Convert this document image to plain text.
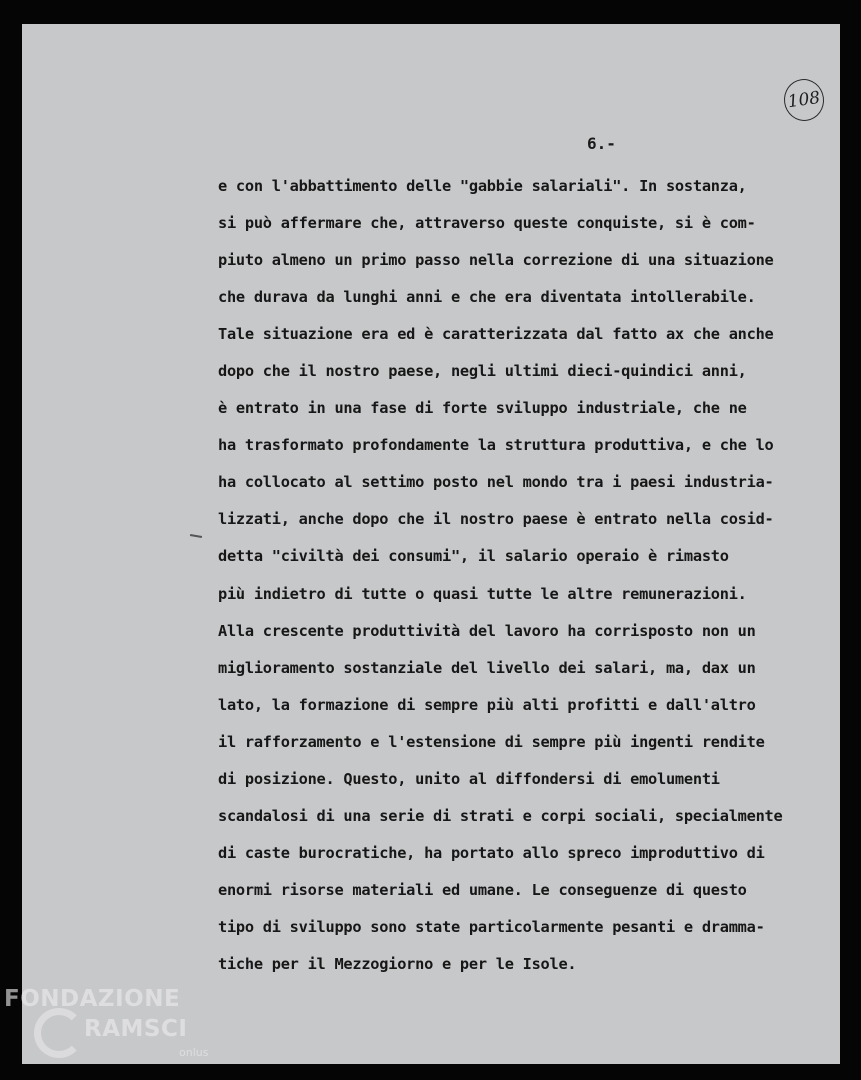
108
6.-
e con l'abbattimento delle "gabbie salariali". In sostanza,
si può affermare che, attraverso queste conquiste, si è com-
piuto almeno un primo passo nella correzione di una situazione
che durava da lunghi anni e che era diventata intollerabile.
Tale situazione era ed è caratterizzata dal fatto ax che anche
dopo che il nostro paese, negli ultimi dieci-quindici anni,
è entrato in una fase di forte sviluppo industriale, che ne
ha trasformato profondamente la struttura produttiva, e che lo
ha collocato al settimo posto nel mondo tra i paesi industria-
lizzati, anche dopo che il nostro paese è entrato nella cosid-
detta "civiltà dei consumi", il salario operaio è rimasto
più indietro di tutte o quasi tutte le altre remunerazioni.
Alla crescente produttività del lavoro ha corrisposto non un
miglioramento sostanziale del livello dei salari, ma, dax un
lato, la formazione di sempre più alti profitti e dall'altro
il rafforzamento e l'estensione di sempre più ingenti rendite
di posizione. Questo, unito al diffondersi di emolumenti
scandalosi di una serie di strati e corpi sociali, specialmente
di caste burocratiche, ha portato allo spreco improduttivo di
enormi risorse materiali ed umane. Le conseguenze di questo
tipo di sviluppo sono state particolarmente pesanti e dramma-
tiche per il Mezzogiorno e per le Isole.
FONDAZIONE
RAMSCI
onlus
